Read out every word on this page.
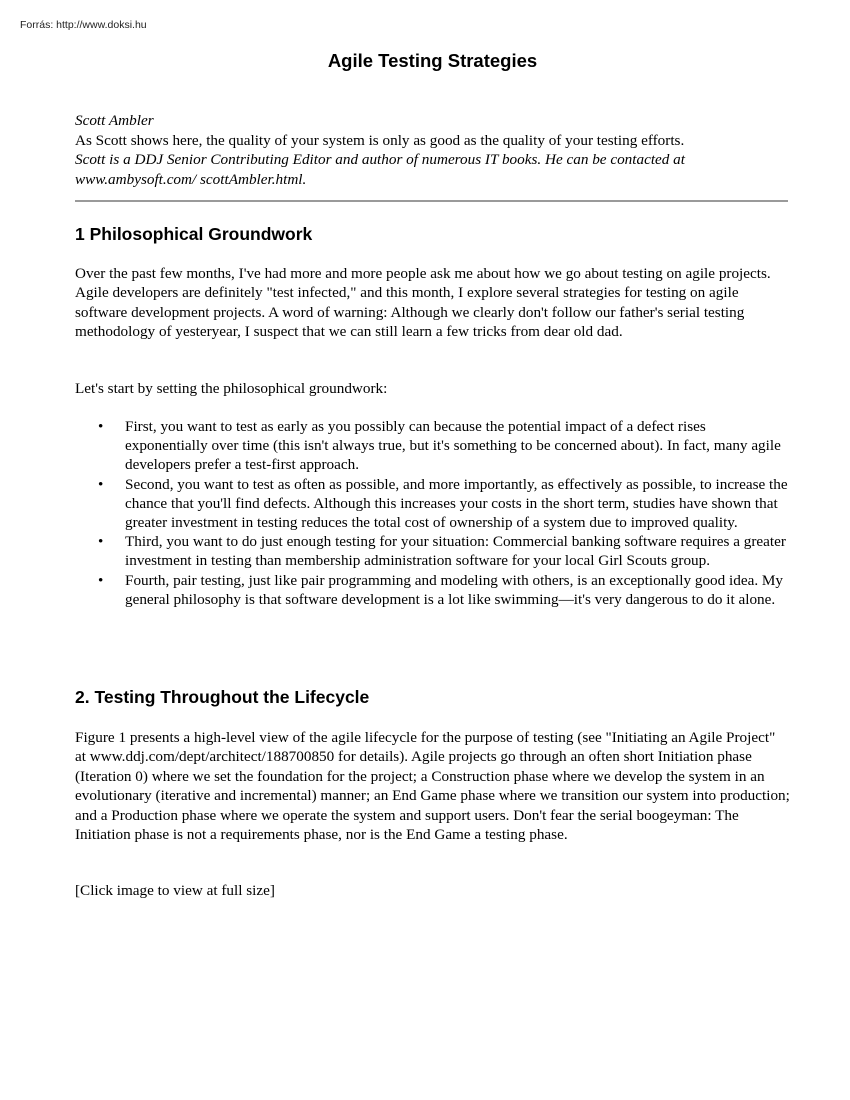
Forrás: http://www.doksi.hu
Agile Testing Strategies

Scott Ambler

As Scott shows here, the quality of your system is only as good as the quality of your testing efforts.

Scott is a DDJ Senior Contributing Editor and author of numerous IT books. He can be contacted at www.ambysoft.com/ scottAmbler.html.

1 Philosophical Groundwork

Over the past few months, I've had more and more people ask me about how we go about testing on agile projects. Agile developers are definitely "test infected," and this month, I explore several strategies for testing on agile software development projects. A word of warning: Although we clearly don't follow our father's serial testing methodology of yesteryear, I suspect that we can still learn a few tricks from dear old dad.

Let's start by setting the philosophical groundwork:

• First, you want to test as early as you possibly can because the potential impact of a defect rises exponentially over time (this isn't always true, but it's something to be concerned about). In fact, many agile developers prefer a test-first approach.
• Second, you want to test as often as possible, and more importantly, as effectively as possible, to increase the chance that you'll find defects. Although this increases your costs in the short term, studies have shown that greater investment in testing reduces the total cost of ownership of a system due to improved quality.
• Third, you want to do just enough testing for your situation: Commercial banking software requires a greater investment in testing than membership administration software for your local Girl Scouts group.
• Fourth, pair testing, just like pair programming and modeling with others, is an exceptionally good idea. My general philosophy is that software development is a lot like swimming—it's very dangerous to do it alone.
2. Testing Throughout the Lifecycle

Figure 1 presents a high-level view of the agile lifecycle for the purpose of testing (see "Initiating an Agile Project" at www.ddj.com/dept/architect/188700850 for details). Agile projects go through an often short Initiation phase (Iteration 0) where we set the foundation for the project; a Construction phase where we develop the system in an evolutionary (iterative and incremental) manner; an End Game phase where we transition our system into production; and a Production phase where we operate the system and support users. Don't fear the serial boogeyman: The Initiation phase is not a requirements phase, nor is the End Game a testing phase.

[Click image to view at full size]
